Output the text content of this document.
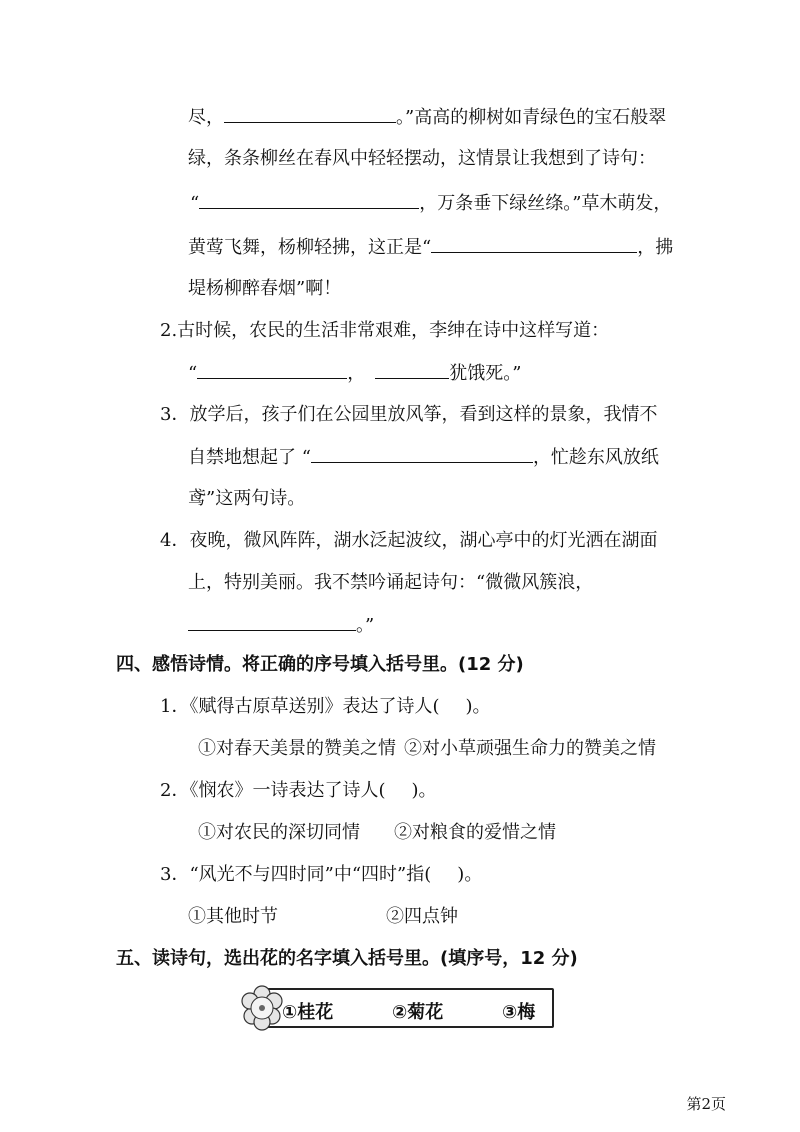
尽，	。”高高的柳树如青绿色的宝石般翠
绿，条条柳丝在春风中轻轻摆动，这情景让我想到了诗句：
“	，万条垂下绿丝绦。”草木萌发，
黄莺飞舞，杨柳轻拂，这正是“	，拂
堤杨柳醉春烟”啊！
2.古时候，农民的生活非常艰难，李绅在诗中这样写道：
“	，	犹饿死。”
3．放学后，孩子们在公园里放风筝，看到这样的景象，我情不
自禁地想起了 “	，忙趁东风放纸
鸢”这两句诗。
4．夜晚，微风阵阵，湖水泛起波纹，湖心亭中的灯光洒在湖面
上，特别美丽。我不禁吟诵起诗句：“微微风簇浪，
。”
四、感悟诗情。将正确的序号填入括号里。(12 分)
1．《赋得古原草送别》表达了诗人( )。
①对春天美景的赞美之情 ②对小草顽强生命力的赞美之情
2．《悯农》一诗表达了诗人( )。
①对农民的深切同情 ②对粮食的爱惜之情
3．“风光不与四时同”中“四时”指( )。
①其他时节	②四点钟
五、读诗句，选出花的名字填入括号里。(填序号，12 分)
①桂花	②菊花	③梅
第2页
